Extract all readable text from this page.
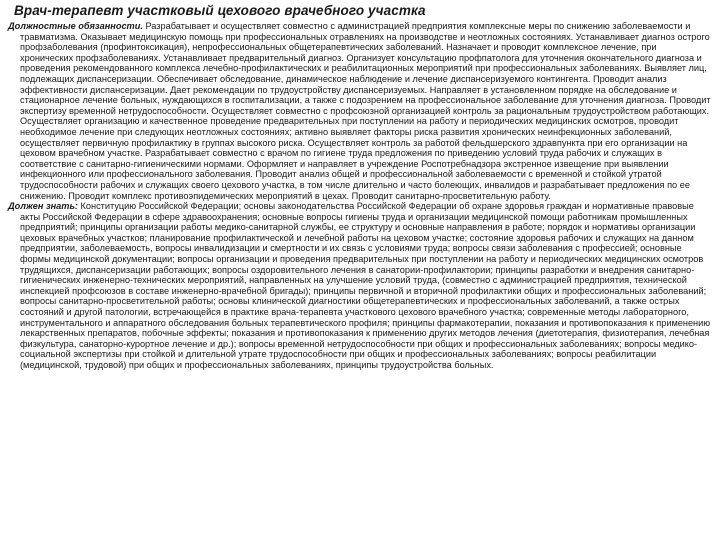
Врач-терапевт участковый цехового врачебного участка

Должностные обязанности. Разрабатывает и осуществляет совместно с администрацией предприятия комплексные меры по снижению заболеваемости и травматизма. Оказывает медицинскую помощь при профессиональных отравлениях на производстве и неотложных состояниях. Устанавливает диагноз острого профзаболевания (профинтоксикация), непрофессиональных общетерапевтических заболеваний. Назначает и проводит комплексное лечение, при хронических профзаболеваниях. Устанавливает предварительный диагноз. Организует консультацию профпатолога для уточнения окончательного диагноза и проведения рекомендованного комплекса лечебно-профилактических и реабилитационных мероприятий при профессиональных заболеваниях. Выявляет лиц, подлежащих диспансеризации. Обеспечивает обследование, динамическое наблюдение и лечение диспансеризуемого контингента. Проводит анализ эффективности диспансеризации. Дает рекомендации по трудоустройству диспансеризуемых. Направляет в установленном порядке на обследование и стационарное лечение больных, нуждающихся в госпитализации, а также с подозрением на профессиональное заболевание для уточнения диагноза. Проводит экспертизу временной нетрудоспособности. Осуществляет совместно с профсоюзной организацией контроль за рациональным трудоустройством работающих. Осуществляет организацию и качественное проведение предварительных при поступлении на работу и периодических медицинских осмотров, проводит необходимое лечение при следующих неотложных состояниях; активно выявляет факторы риска развития хронических неинфекционных заболеваний, осуществляет первичную профилактику в группах высокого риска. Осуществляет контроль за работой фельдшерского здравпункта при его организации на цеховом врачебном участке. Разрабатывает совместно с врачом по гигиене труда предложения по приведению условий труда рабочих и служащих в соответствие с санитарно-гигиеническими нормами. Оформляет и направляет в учреждение Роспотребнадзора экстренное извещение при выявлении инфекционного или профессионального заболевания. Проводит анализ общей и профессиональной заболеваемости с временной и стойкой утратой трудоспособности рабочих и служащих своего цехового участка, в том числе длительно и часто болеющих, инвалидов и разрабатывает предложения по ее снижению. Проводит комплекс противоэпидемических мероприятий в цехах. Проводит санитарно-просветительную работу.

Должен знать: Конституцию Российской Федерации; основы законодательства Российской Федерации об охране здоровья граждан и нормативные правовые акты Российской Федерации в сфере здравоохранения; основные вопросы гигиены труда и организации медицинской помощи работникам промышленных предприятий; принципы организации работы медико-санитарной службы, ее структуру и основные направления в работе; порядок и нормативы организации цеховых врачебных участков; планирование профилактической и лечебной работы на цеховом участке; состояние здоровья рабочих и служащих на данном предприятии, заболеваемость, вопросы инвалидизации и смертности и их связь с условиями труда; вопросы связи заболевания с профессией; основные формы медицинской документации; вопросы организации и проведения предварительных при поступлении на работу и периодических медицинских осмотров трудящихся, диспансеризации работающих; вопросы оздоровительного лечения в санатории-профилактории; принципы разработки и внедрения санитарно-гигиенических инженерно-технических мероприятий, направленных на улучшение условий труда, (совместно с администрацией предприятия, технической инспекцией профсоюзов в составе инженерно-врачебной бригады); принципы первичной и вторичной профилактики общих и профессиональных заболеваний; вопросы санитарно-просветительной работы; основы клинической диагностики общетерапевтических и профессиональных заболеваний, а также острых состояний и другой патологии, встречающейся в практике врача-терапевта участкового цехового врачебного участка; современные методы лабораторного, инструментального и аппаратного обследования больных терапевтического профиля; принципы фармакотерапии, показания и противопоказания к применению лекарственных препаратов, побочные эффекты; показания и противопоказания к применению других методов лечения (диетотерапия, физиотерапия, лечебная физкультура, санаторно-курортное лечение и др.); вопросы временной нетрудоспособности при общих и профессиональных заболеваниях; вопросы медико-социальной экспертизы при стойкой и длительной утрате трудоспособности при общих и профессиональных заболеваниях; вопросы реабилитации (медицинской, трудовой) при общих и профессиональных заболеваниях, принципы трудоустройства больных.
